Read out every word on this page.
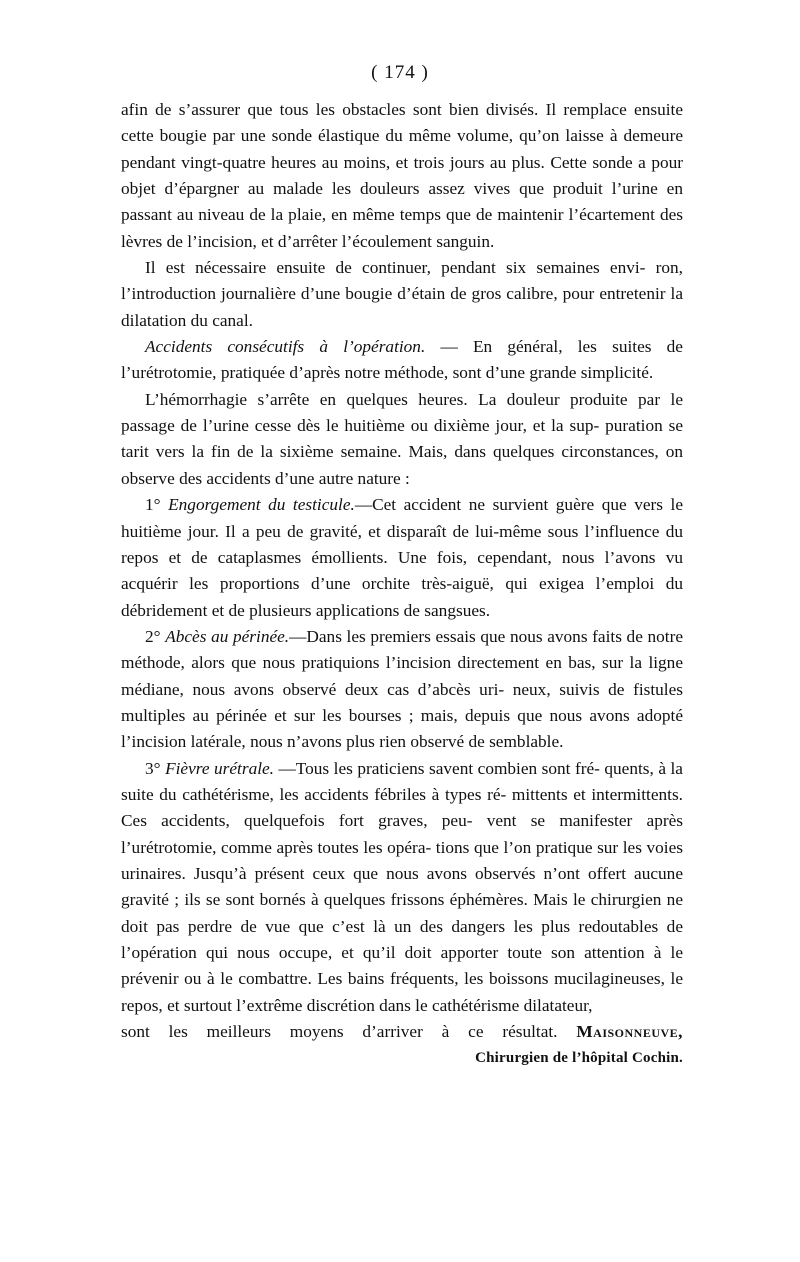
( 174 )

afin de s’assurer que tous les obstacles sont bien divisés. Il remplace ensuite cette bougie par une sonde élastique du même volume, qu’on laisse à demeure pendant vingt-quatre heures au moins, et trois jours au plus. Cette sonde a pour objet d’épargner au malade les douleurs assez vives que produit l’urine en passant au niveau de la plaie, en même temps que de maintenir l’écartement des lèvres de l’incision, et d’arrêter l’écoulement sanguin.

Il est nécessaire ensuite de continuer, pendant six semaines envi- ron, l’introduction journalière d’une bougie d’étain de gros calibre, pour entretenir la dilatation du canal.

Accidents consécutifs à l’opération. — En général, les suites de l’urétrotomie, pratiquée d’après notre méthode, sont d’une grande simplicité.

L’hémorrhagie s’arrête en quelques heures. La douleur produite par le passage de l’urine cesse dès le huitième ou dixième jour, et la sup- puration se tarit vers la fin de la sixième semaine. Mais, dans quelques circonstances, on observe des accidents d’une autre nature :

1° Engorgement du testicule.—Cet accident ne survient guère que vers le huitième jour. Il a peu de gravité, et disparaît de lui-même sous l’influence du repos et de cataplasmes émollients. Une fois, cependant, nous l’avons vu acquérir les proportions d’une orchite très-aiguë, qui exigea l’emploi du débridement et de plusieurs applications de sangsues.

2° Abcès au périnée.—Dans les premiers essais que nous avons faits de notre méthode, alors que nous pratiquions l’incision directement en bas, sur la ligne médiane, nous avons observé deux cas d’abcès uri- neux, suivis de fistules multiples au périnée et sur les bourses ; mais, depuis que nous avons adopté l’incision latérale, nous n’avons plus rien observé de semblable.

3° Fièvre urétrale. —Tous les praticiens savent combien sont fré- quents, à la suite du cathétérisme, les accidents fébriles à types ré- mittents et intermittents. Ces accidents, quelquefois fort graves, peu- vent se manifester après l’urétrotomie, comme après toutes les opéra- tions que l’on pratique sur les voies urinaires. Jusqu’à présent ceux que nous avons observés n’ont offert aucune gravité ; ils se sont bornés à quelques frissons éphémères. Mais le chirurgien ne doit pas perdre de vue que c’est là un des dangers les plus redoutables de l’opération qui nous occupe, et qu’il doit apporter toute son attention à le prévenir ou à le combattre. Les bains fréquents, les boissons mucilagineuses, le repos, et surtout l’extrême discrétion dans le cathétérisme dilatateur,

sont les meilleurs moyens d’arriver à ce résultat. Maisonneuve,

Chirurgien de l’hôpital Cochin.
